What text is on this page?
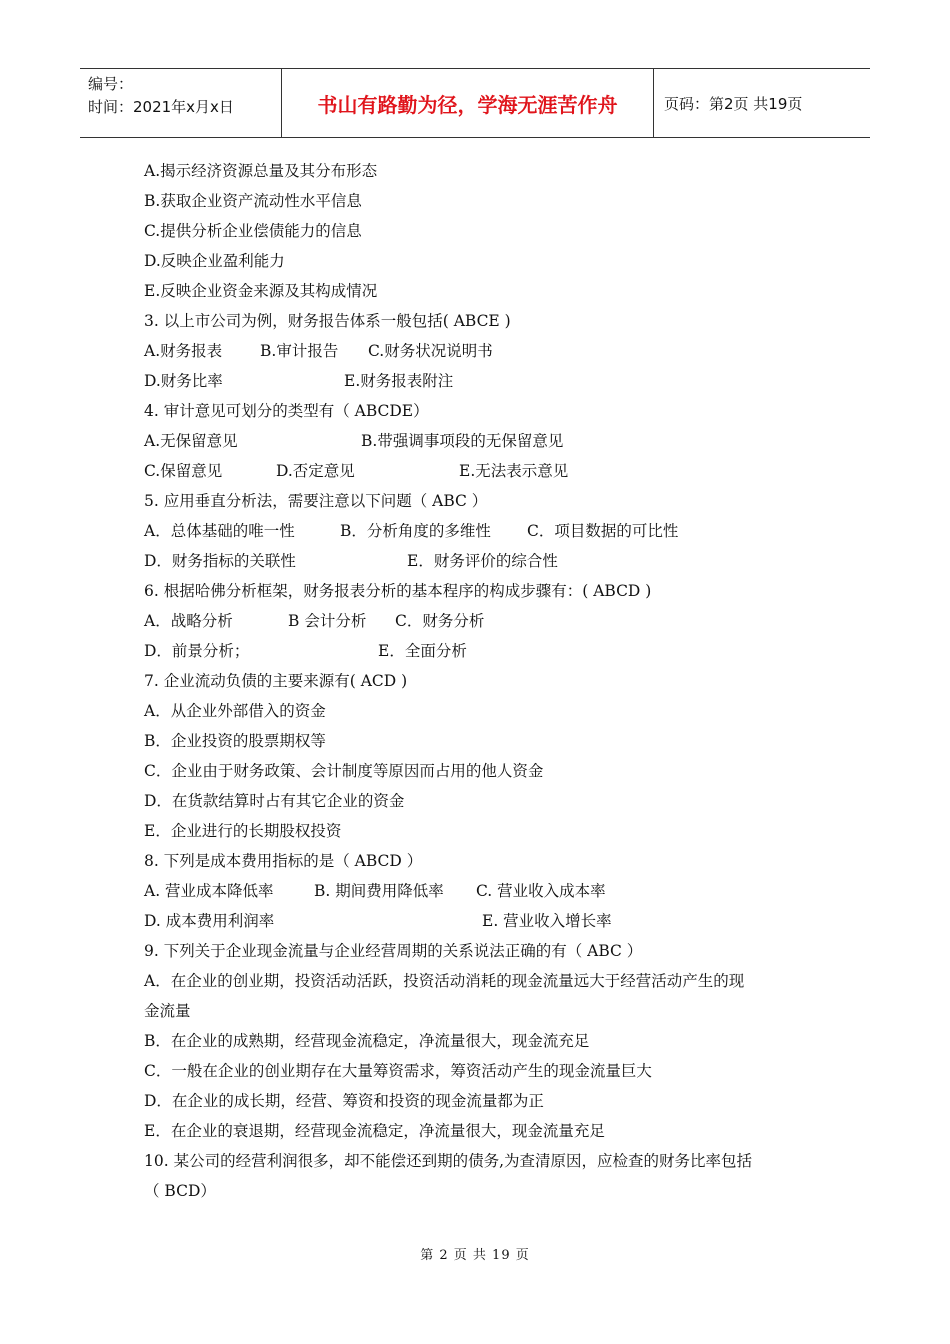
编号：
时间：2021年x月x日	书山有路勤为径，学海无涯苦作舟	页码：第2页 共19页
A.揭示经济资源总量及其分布形态
B.获取企业资产流动性水平信息
C.提供分析企业偿债能力的信息
D.反映企业盈利能力
E.反映企业资金来源及其构成情况
3. 以上市公司为例，财务报告体系一般包括( ABCE )
A.财务报表 B.审计报告 C.财务状况说明书
D.财务比率	E.财务报表附注
4. 审计意见可划分的类型有（ ABCDE）
A.无保留意见	B.带强调事项段的无保留意见
C.保留意见	D.否定意见	E.无法表示意见
5. 应用垂直分析法，需要注意以下问题（ ABC ）
A．总体基础的唯一性	B．分析角度的多维性 C．项目数据的可比性
D．财务指标的关联性	E．财务评价的综合性
6. 根据哈佛分析框架，财务报表分析的基本程序的构成步骤有：( ABCD )
A．战略分析	B 会计分析 C．财务分析
D．前景分析；	E．全面分析
7. 企业流动负债的主要来源有( ACD )
A．从企业外部借入的资金
B．企业投资的股票期权等
C．企业由于财务政策、会计制度等原因而占用的他人资金
D．在货款结算时占有其它企业的资金
E．企业进行的长期股权投资
8. 下列是成本费用指标的是（ ABCD ）
A. 营业成本降低率	B. 期间费用降低率 C. 营业收入成本率
D. 成本费用利润率	E. 营业收入增长率
9. 下列关于企业现金流量与企业经营周期的关系说法正确的有（ ABC ）
A．在企业的创业期，投资活动活跃，投资活动消耗的现金流量远大于经营活动产生的现
金流量
B．在企业的成熟期，经营现金流稳定，净流量很大，现金流充足
C．一般在企业的创业期存在大量筹资需求，筹资活动产生的现金流量巨大
D．在企业的成长期，经营、筹资和投资的现金流量都为正
E．在企业的衰退期，经营现金流稳定，净流量很大，现金流量充足
10. 某公司的经营利润很多，却不能偿还到期的债务,为查清原因，应检查的财务比率包括
（ BCD）
第 2 页 共 19 页
